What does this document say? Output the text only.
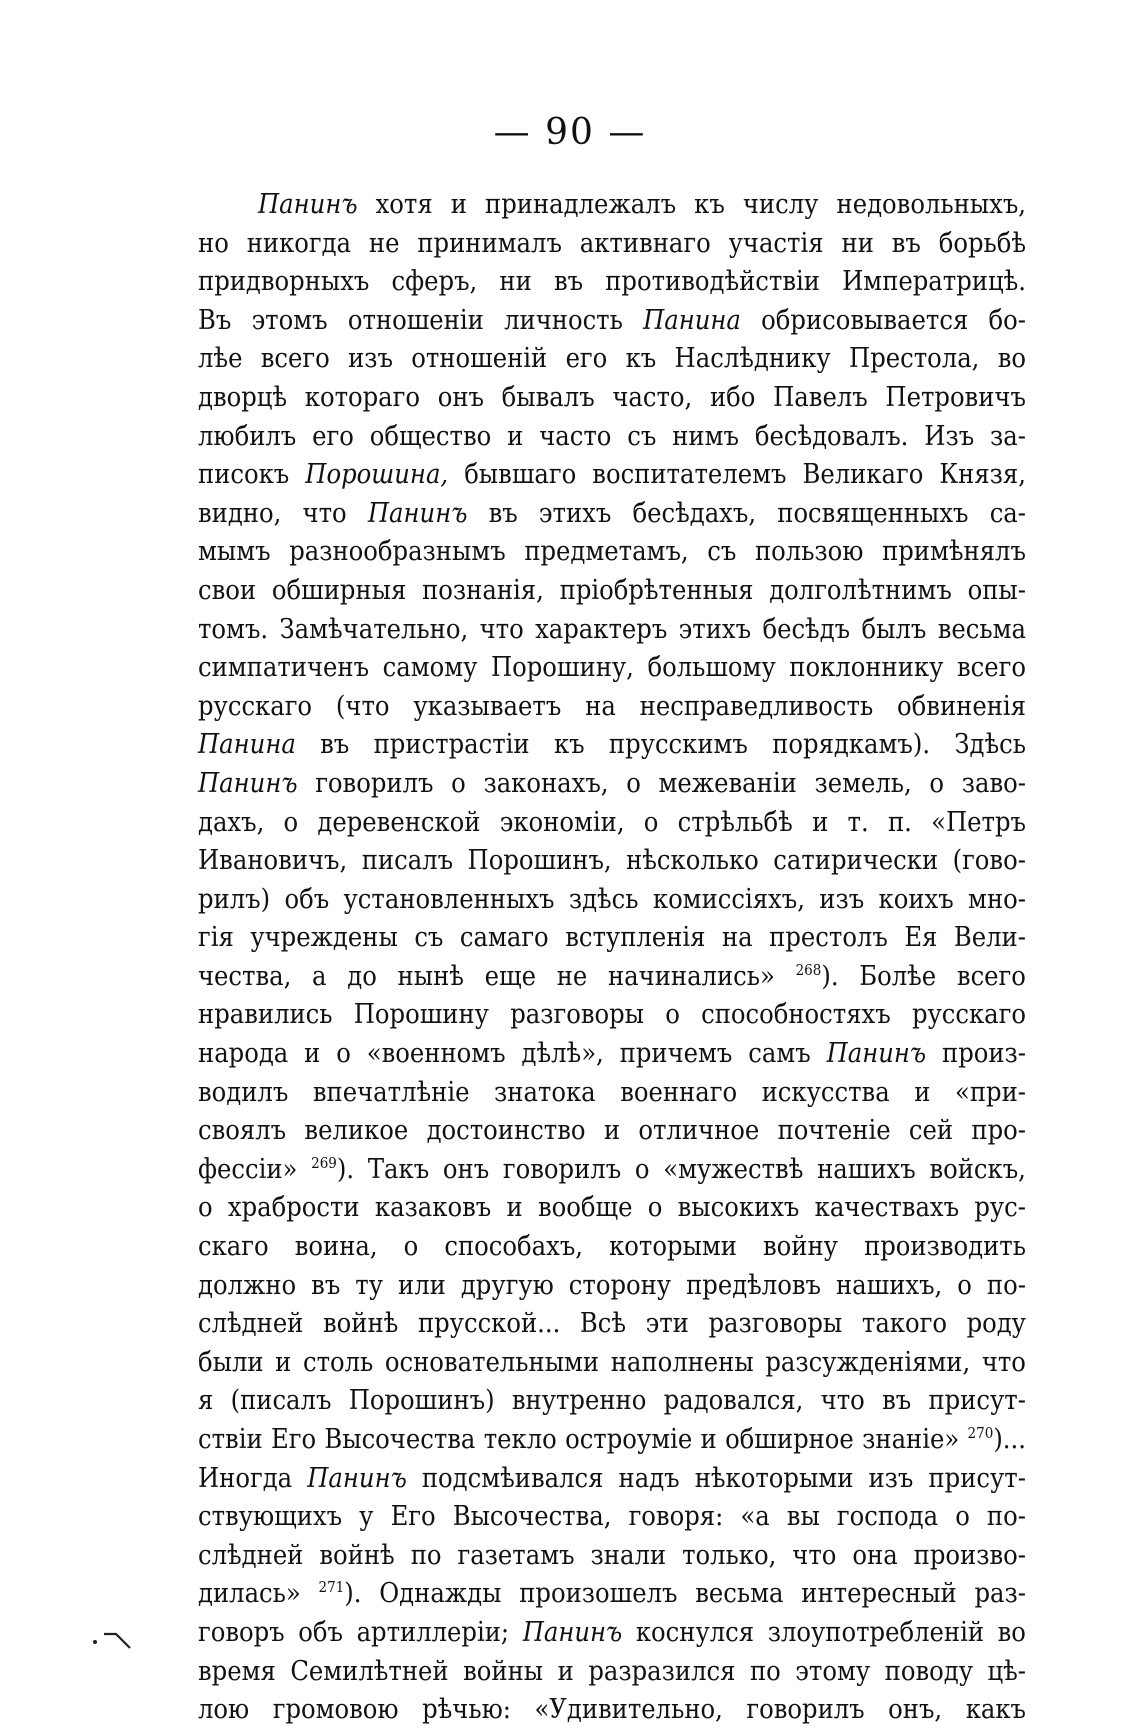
— 90 —
Панинъ хотя и принадлежалъ къ числу недовольныхъ,
но никогда не принималъ активнаго участія ни въ борьбѣ
придворныхъ сферъ, ни въ противодѣйствіи Императрицѣ.
Въ этомъ отношеніи личность Панина обрисовывается бо-
лѣе всего изъ отношеній его къ Наслѣднику Престола, во
дворцѣ котораго онъ бывалъ часто, ибо Павелъ Петровичъ
любилъ его общество и часто съ нимъ бесѣдовалъ. Изъ за-
писокъ Порошина, бывшаго воспитателемъ Великаго Князя,
видно, что Панинъ въ этихъ бесѣдахъ, посвященныхъ са-
мымъ разнообразнымъ предметамъ, съ пользою примѣнялъ
свои обширныя познанія, пріобрѣтенныя долголѣтнимъ опы-
томъ. Замѣчательно, что характеръ этихъ бесѣдъ былъ весьма
симпатиченъ самому Порошину, большому поклоннику всего
русскаго (что указываетъ на несправедливость обвиненія
Панина въ пристрастіи къ прусскимъ порядкамъ). Здѣсь
Панинъ говорилъ о законахъ, о межеваніи земель, о заво-
дахъ, о деревенской экономіи, о стрѣльбѣ и т. п. «Петръ
Ивановичъ, писалъ Порошинъ, нѣсколько сатирически (гово-
рилъ) объ установленныхъ здѣсь комиссіяхъ, изъ коихъ мно-
гія учреждены съ самаго вступленія на престолъ Ея Вели-
чества, а до нынѣ еще не начинались» $^{268}$). Болѣе всего
нравились Порошину разговоры о способностяхъ русскаго
народа и о «военномъ дѣлѣ», причемъ самъ Панинъ произ-
водилъ впечатлѣніе знатока военнаго искусства и «при-
своялъ великое достоинство и отличное почтеніе сей про-
фессіи» $^{269}$). Такъ онъ говорилъ о «мужествѣ нашихъ войскъ,
о храбрости казаковъ и вообще о высокихъ качествахъ рус-
скаго воина, о способахъ, которыми войну производить
должно въ ту или другую сторону предѣловъ нашихъ, о по-
слѣдней войнѣ прусской... Всѣ эти разговоры такого роду
были и столь основательными наполнены разсужденіями, что
я (писалъ Порошинъ) внутренно радовался, что въ присут-
ствіи Его Высочества текло остроуміе и обширное знаніе» $^{270}$)...
Иногда Панинъ подсмѣивался надъ нѣкоторыми изъ присут-
ствующихъ у Его Высочества, говоря: «а вы господа о по-
слѣдней войнѣ по газетамъ знали только, что она произво-
дилась» $^{271}$). Однажды произошелъ весьма интересный раз-
говоръ объ артиллеріи; Панинъ коснулся злоупотребленій во
время Семилѣтней войны и разразился по этому поводу цѣ-
лою громовою рѣчью: «Удивительно, говорилъ онъ, какъ
